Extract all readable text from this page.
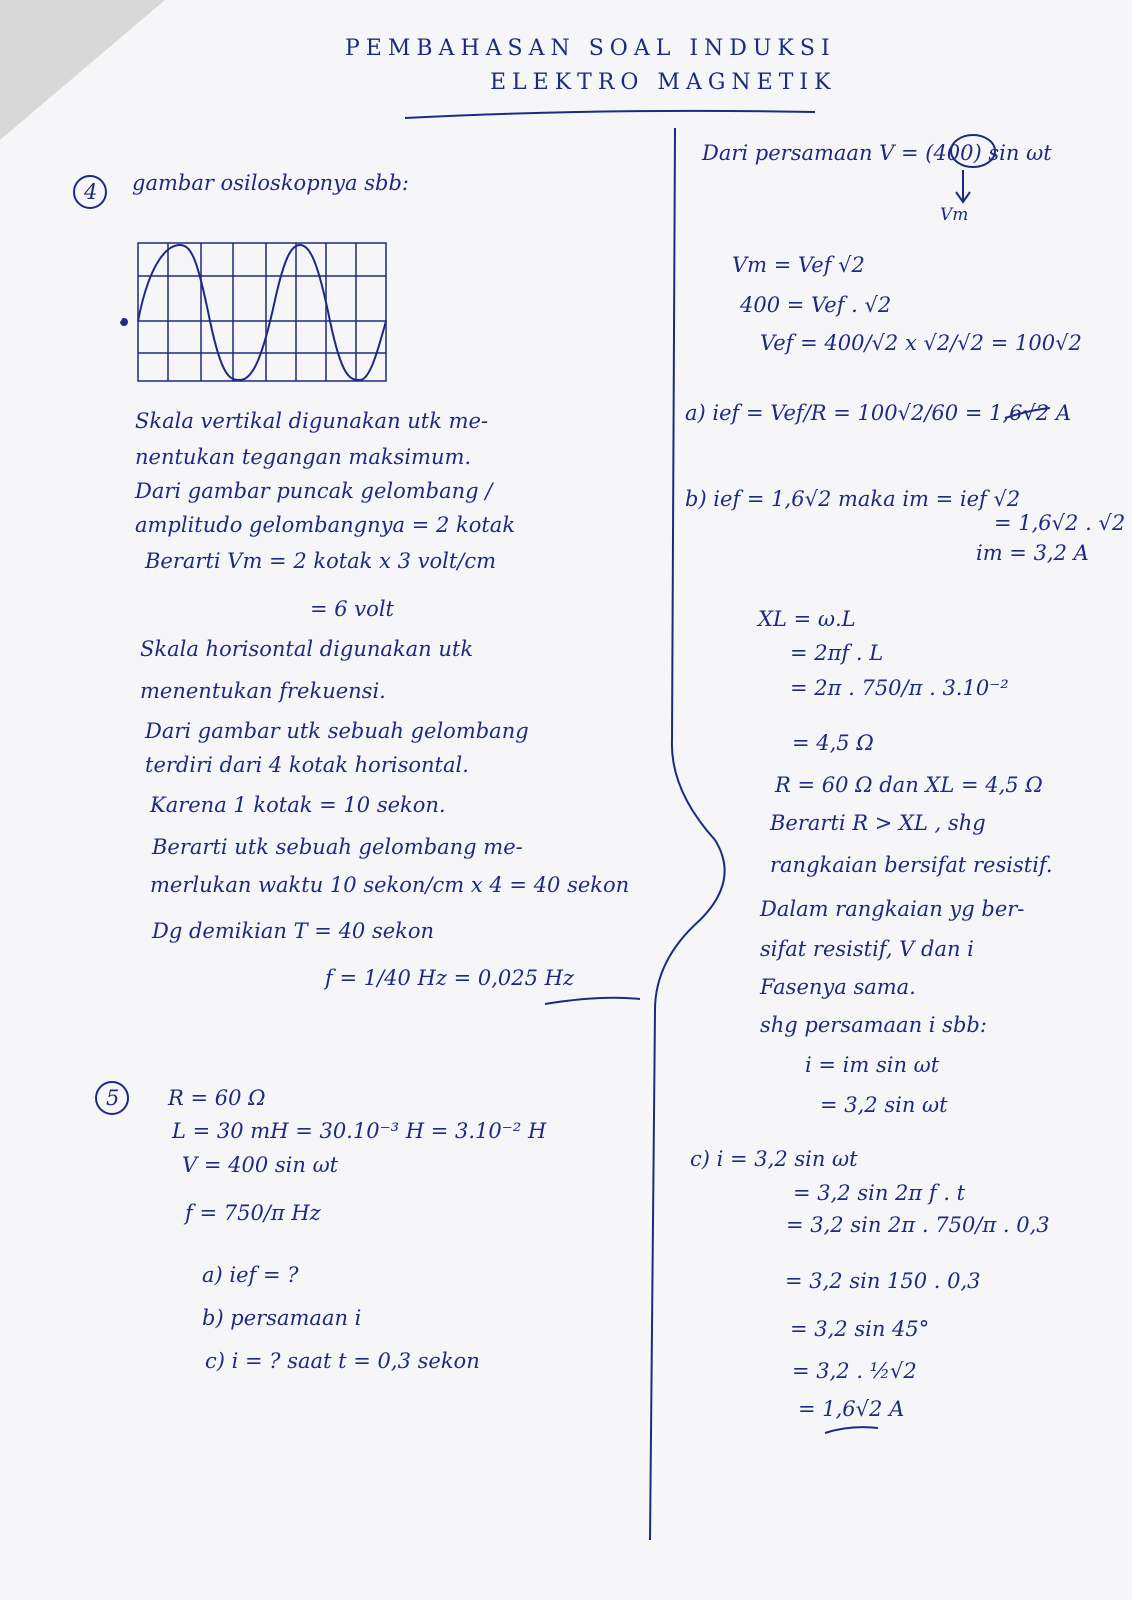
PEMBAHASAN SOAL INDUKSI
ELEKTRO MAGNETIK
4 gambar osiloskopnya sbb:
0
Skala vertikal digunakan utk me-
nentukan tegangan maksimum.
Dari gambar puncak gelombang /
amplitudo gelombangnya = 2 kotak
Berarti Vm = 2 kotak x 3 volt/cm
= 6 volt
Skala horisontal digunakan utk
menentukan frekuensi.
Dari gambar utk sebuah gelombang
terdiri dari 4 kotak horisontal.
Karena 1 kotak = 10 sekon.
Berarti utk sebuah gelombang me-
merlukan waktu 10 sekon/cm x 4 = 40 sekon
Dg demikian T = 40 sekon
f = 1/40 Hz = 0,025 Hz
5 R = 60 Ω
L = 30 mH = 30.10⁻³ H = 3.10⁻² H
V = 400 sin ωt
f = 750/π Hz
a) ief = ?
b) persamaan i
c) i = ? saat t = 0,3 sekon
Dari persamaan V = (400) sin ωt
Vm
Vm = Vef √2
400 = Vef . √2
Vef = 400/√2 x √2/√2 = 100√2
a) ief = Vef/R = 100√2/60 = 1,6√2 A
b) ief = 1,6√2 maka im = ief √2
= 1,6√2 . √2
im = 3,2 A
XL = ω.L
= 2πf . L
= 2π . 750/π . 3.10⁻²
= 4,5 Ω
R = 60 Ω dan XL = 4,5 Ω
Berarti R > XL , shg
rangkaian bersifat resistif.
Dalam rangkaian yg ber-
sifat resistif, V dan i
Fasenya sama.
shg persamaan i sbb:
i = im sin ωt
= 3,2 sin ωt
c) i = 3,2 sin ωt
= 3,2 sin 2π f . t
= 3,2 sin 2π . 750/π . 0,3
= 3,2 sin 150 . 0,3
= 3,2 sin 45°
= 3,2 . ½√2
= 1,6√2 A
